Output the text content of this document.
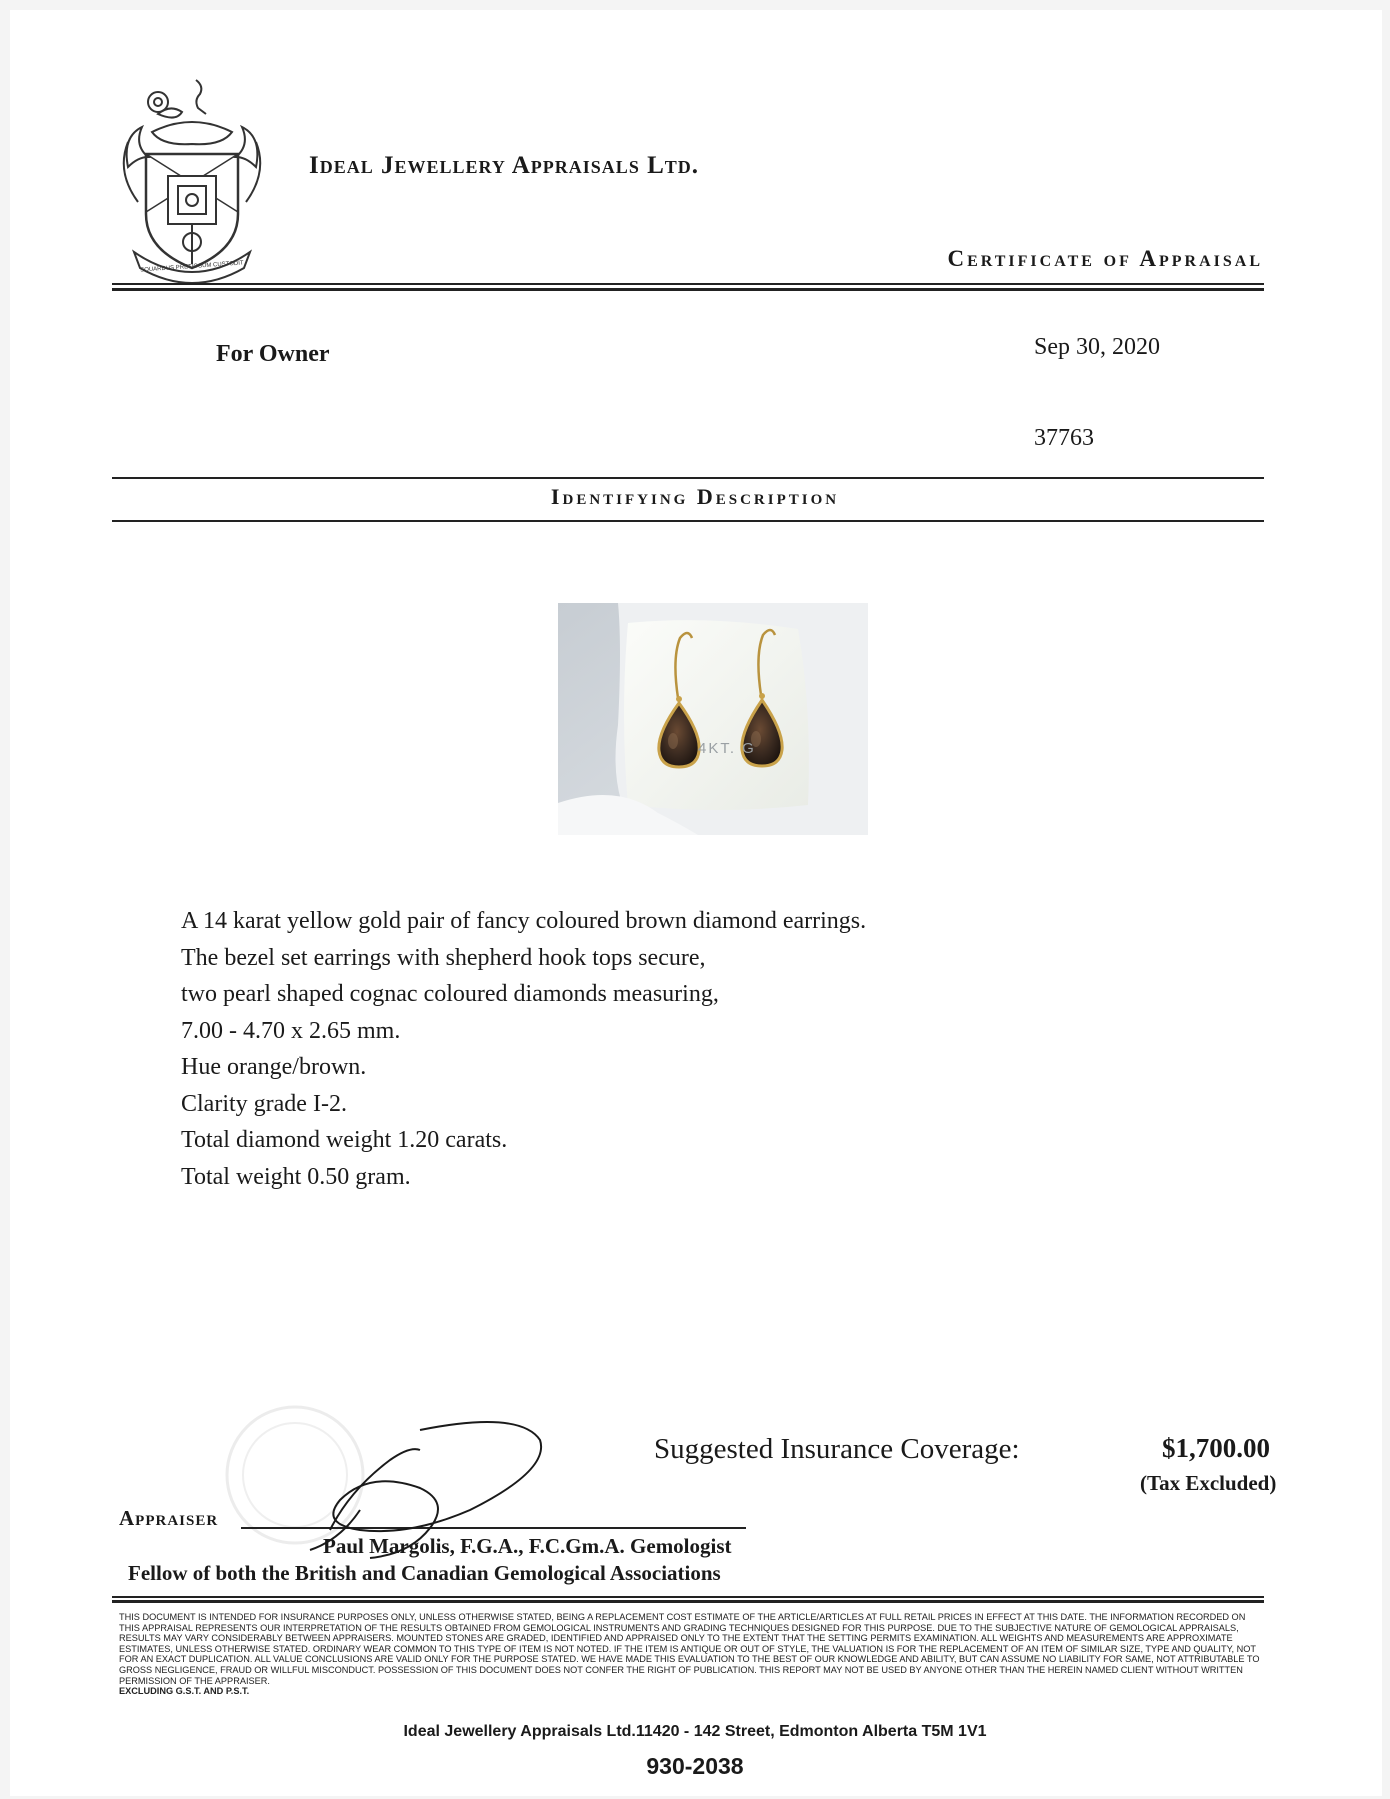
SQUARDUS PRETIOSUM CUSTODIT
Ideal Jewellery Appraisals Ltd.
Certificate of Appraisal
For Owner	Sep 30, 2020
37763
Identifying Description
4KT. G
A 14 karat yellow gold pair of fancy coloured brown diamond earrings.
The bezel set earrings with shepherd hook tops secure,
two pearl shaped cognac coloured diamonds measuring,
7.00 - 4.70 x 2.65 mm.
Hue orange/brown.
Clarity grade I-2.
Total diamond weight 1.20 carats.
Total weight 0.50 gram.
Suggested Insurance Coverage:	$1,700.00
(Tax Excluded)
Appraiser
Paul Margolis, F.G.A., F.C.Gm.A. Gemologist
Fellow of both the British and Canadian Gemological Associations
THIS DOCUMENT IS INTENDED FOR INSURANCE PURPOSES ONLY, UNLESS OTHERWISE STATED, BEING A REPLACEMENT COST ESTIMATE OF THE ARTICLE/ARTICLES AT FULL RETAIL PRICES IN EFFECT AT THIS DATE. THE INFORMATION RECORDED ON THIS APPRAISAL REPRESENTS OUR INTERPRETATION OF THE RESULTS OBTAINED FROM GEMOLOGICAL INSTRUMENTS AND GRADING TECHNIQUES DESIGNED FOR THIS PURPOSE. DUE TO THE SUBJECTIVE NATURE OF GEMOLOGICAL APPRAISALS, RESULTS MAY VARY CONSIDERABLY BETWEEN APPRAISERS. MOUNTED STONES ARE GRADED, IDENTIFIED AND APPRAISED ONLY TO THE EXTENT THAT THE SETTING PERMITS EXAMINATION. ALL WEIGHTS AND MEASUREMENTS ARE APPROXIMATE ESTIMATES, UNLESS OTHERWISE STATED. ORDINARY WEAR COMMON TO THIS TYPE OF ITEM IS NOT NOTED. IF THE ITEM IS ANTIQUE OR OUT OF STYLE, THE VALUATION IS FOR THE REPLACEMENT OF AN ITEM OF SIMILAR SIZE, TYPE AND QUALITY, NOT FOR AN EXACT DUPLICATION. ALL VALUE CONCLUSIONS ARE VALID ONLY FOR THE PURPOSE STATED. WE HAVE MADE THIS EVALUATION TO THE BEST OF OUR KNOWLEDGE AND ABILITY, BUT CAN ASSUME NO LIABILITY FOR SAME, NOT ATTRIBUTABLE TO GROSS NEGLIGENCE, FRAUD OR WILLFUL MISCONDUCT. POSSESSION OF THIS DOCUMENT DOES NOT CONFER THE RIGHT OF PUBLICATION. THIS REPORT MAY NOT BE USED BY ANYONE OTHER THAN THE HEREIN NAMED CLIENT WITHOUT WRITTEN PERMISSION OF THE APPRAISER.
EXCLUDING G.S.T. AND P.S.T.
Ideal Jewellery Appraisals Ltd.11420 - 142 Street, Edmonton Alberta T5M 1V1
930-2038
